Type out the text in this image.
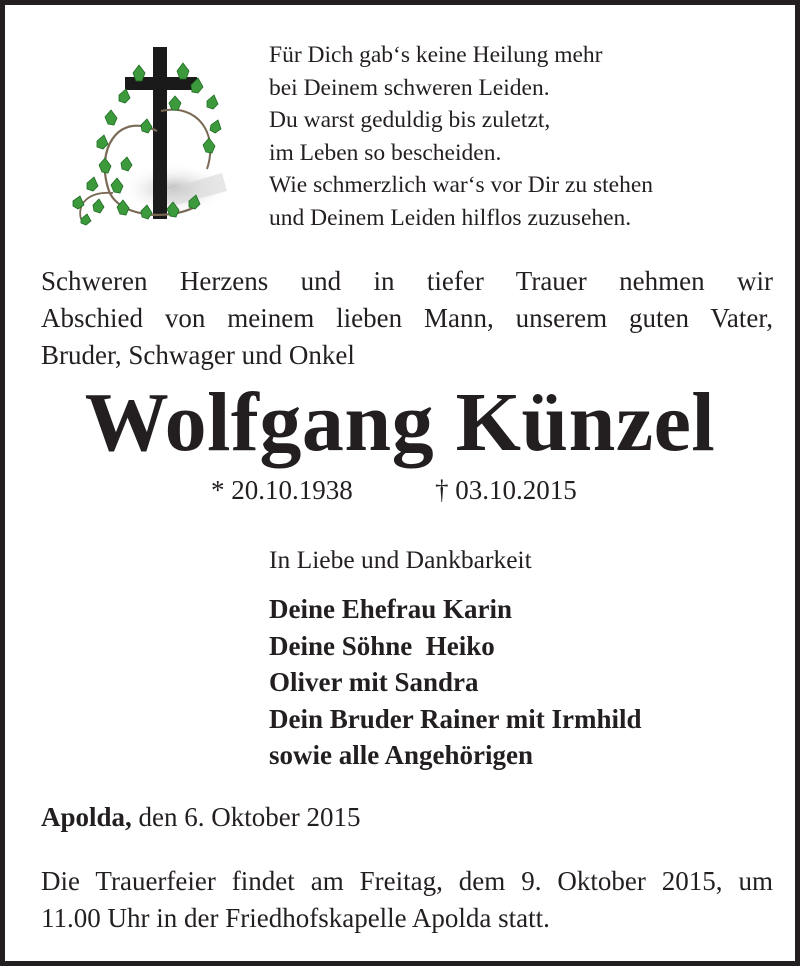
Für Dich gab‘s keine Heilung mehr
bei Deinem schweren Leiden.
Du warst geduldig bis zuletzt,
im Leben so bescheiden.
Wie schmerzlich war‘s vor Dir zu stehen
und Deinem Leiden hilflos zuzusehen.
Schweren Herzens und in tiefer Trauer nehmen wir
Abschied von meinem lieben Mann, unserem guten Vater,
Bruder, Schwager und Onkel
Wolfgang Künzel
* 20.10.1938	† 03.10.2015
In Liebe und Dankbarkeit
Deine Ehefrau Karin
Deine Söhne  Heiko
Oliver mit Sandra
Dein Bruder Rainer mit Irmhild
sowie alle Angehörigen
Apolda, den 6. Oktober 2015
Die Trauerfeier findet am Freitag, dem 9. Oktober 2015, um
11.00 Uhr in der Friedhofskapelle Apolda statt.
